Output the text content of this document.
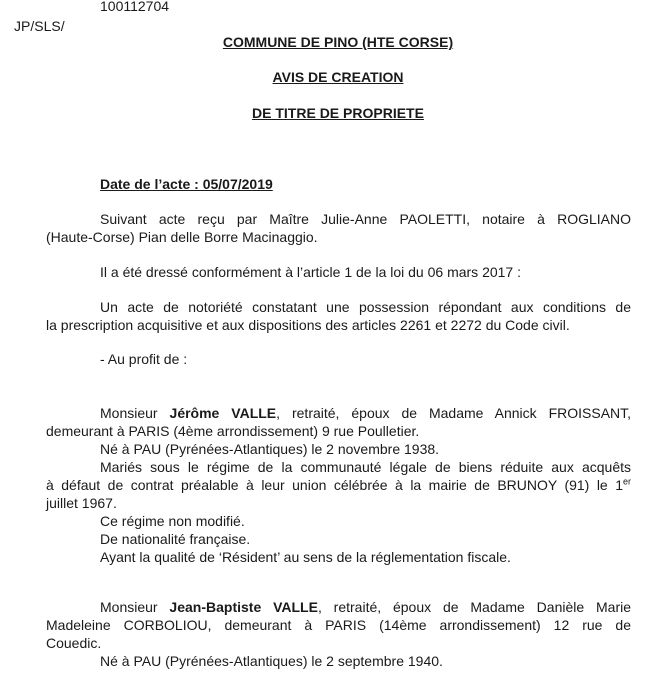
100112704
JP/SLS/
COMMUNE DE PINO (HTE CORSE)
AVIS DE CREATION
DE TITRE DE PROPRIETE
Date de l’acte : 05/07/2019
Suivant acte reçu par Maître Julie-Anne PAOLETTI, notaire à ROGLIANO
(Haute-Corse) Pian delle Borre Macinaggio.
Il a été dressé conformément à l’article 1 de la loi du 06 mars 2017 :
Un acte de notoriété constatant une possession répondant aux conditions de
la prescription acquisitive et aux dispositions des articles 2261 et 2272 du Code civil.
- Au profit de :
Monsieur Jérôme VALLE, retraité, époux de Madame Annick FROISSANT,
demeurant à PARIS (4ème arrondissement) 9 rue Poulletier.
Né à PAU (Pyrénées-Atlantiques) le 2 novembre 1938.
Mariés sous le régime de la communauté légale de biens réduite aux acquêts
à défaut de contrat préalable à leur union célébrée à la mairie de BRUNOY (91) le 1er
juillet 1967.
Ce régime non modifié.
De nationalité française.
Ayant la qualité de ‘Résident’ au sens de la réglementation fiscale.
Monsieur Jean-Baptiste VALLE, retraité, époux de Madame Danièle Marie
Madeleine CORBOLIOU, demeurant à PARIS (14ème arrondissement) 12 rue de
Couedic.
Né à PAU (Pyrénées-Atlantiques) le 2 septembre 1940.
